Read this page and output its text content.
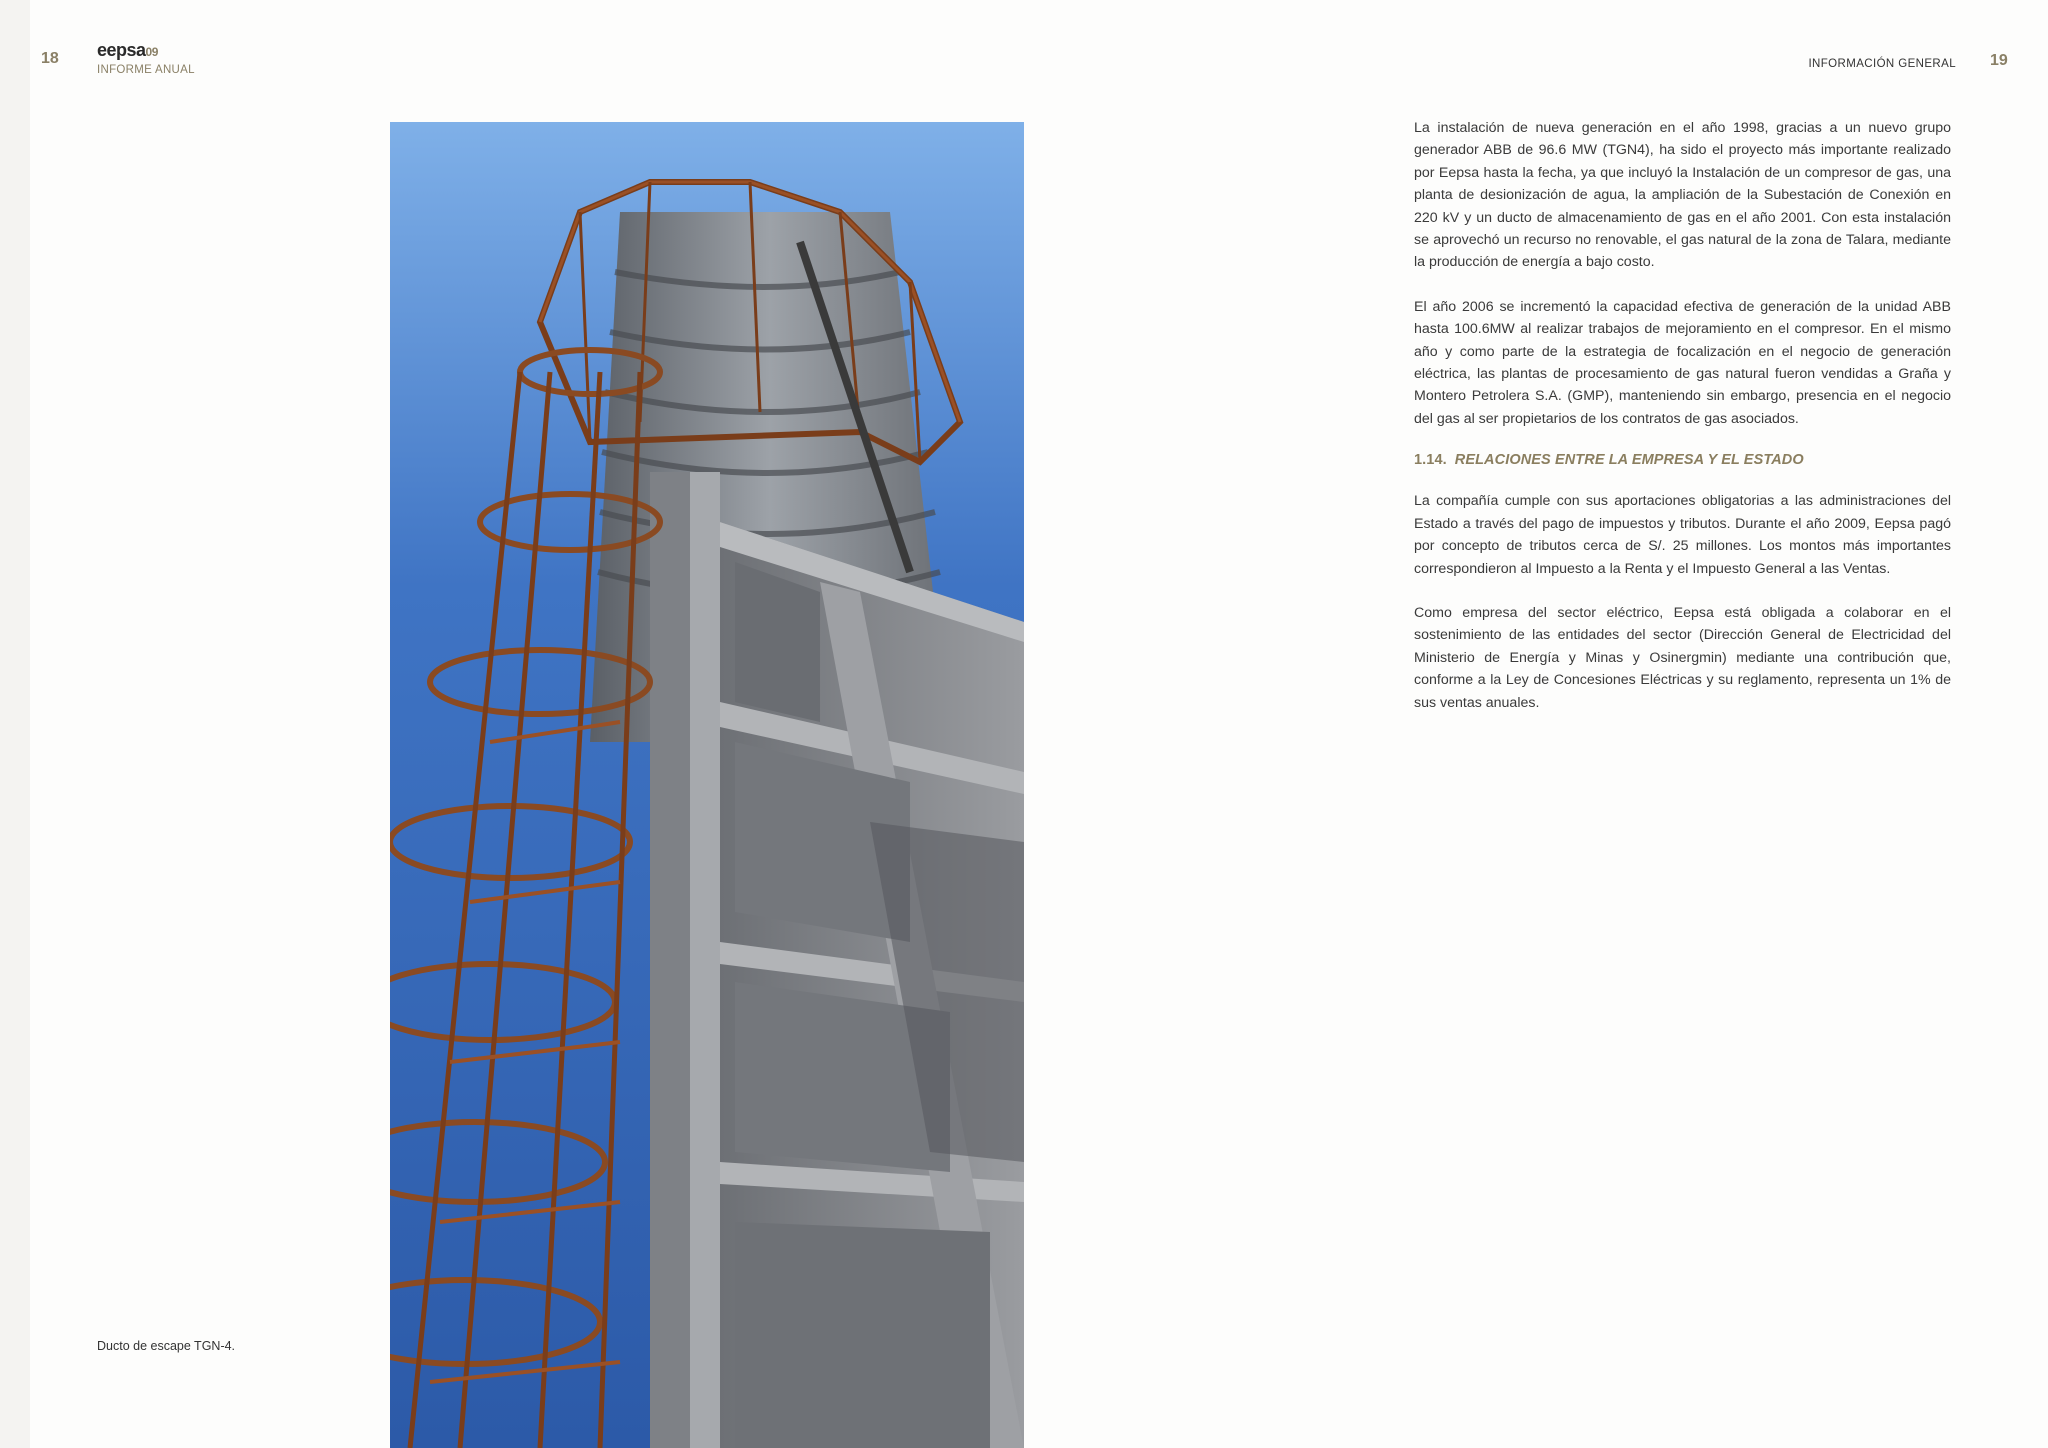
18 eepsa09
INFORME ANUAL
Ducto de escape TGN-4.
INFORMACIÓN GENERAL 19

La instalación de nueva generación en el año 1998, gracias a un nuevo grupo generador ABB de 96.6 MW (TGN4), ha sido el proyecto más importante realizado por Eepsa hasta la fecha, ya que incluyó la Instalación de un compresor de gas, una planta de desionización de agua, la ampliación de la Subestación de Conexión en 220 kV y un ducto de almacenamiento de gas en el año 2001. Con esta instalación se aprovechó un recurso no renovable, el gas natural de la zona de Talara, mediante la producción de energía a bajo costo.

El año 2006 se incrementó la capacidad efectiva de generación de la unidad ABB hasta 100.6MW al realizar trabajos de mejoramiento en el compresor. En el mismo año y como parte de la estrategia de focalización en el negocio de generación eléctrica, las plantas de procesamiento de gas natural fueron vendidas a Graña y Montero Petrolera S.A. (GMP), manteniendo sin embargo, presencia en el negocio del gas al ser propietarios de los contratos de gas asociados.

1.14. RELACIONES ENTRE LA EMPRESA Y EL ESTADO

La compañía cumple con sus aportaciones obligatorias a las administraciones del Estado a través del pago de impuestos y tributos. Durante el año 2009, Eepsa pagó por concepto de tributos cerca de S/. 25 millones. Los montos más importantes correspondieron al Impuesto a la Renta y el Impuesto General a las Ventas.

Como empresa del sector eléctrico, Eepsa está obligada a colaborar en el sostenimiento de las entidades del sector (Dirección General de Electricidad del Ministerio de Energía y Minas y Osinergmin) mediante una contribución que, conforme a la Ley de Concesiones Eléctricas y su reglamento, representa un 1% de sus ventas anuales.
